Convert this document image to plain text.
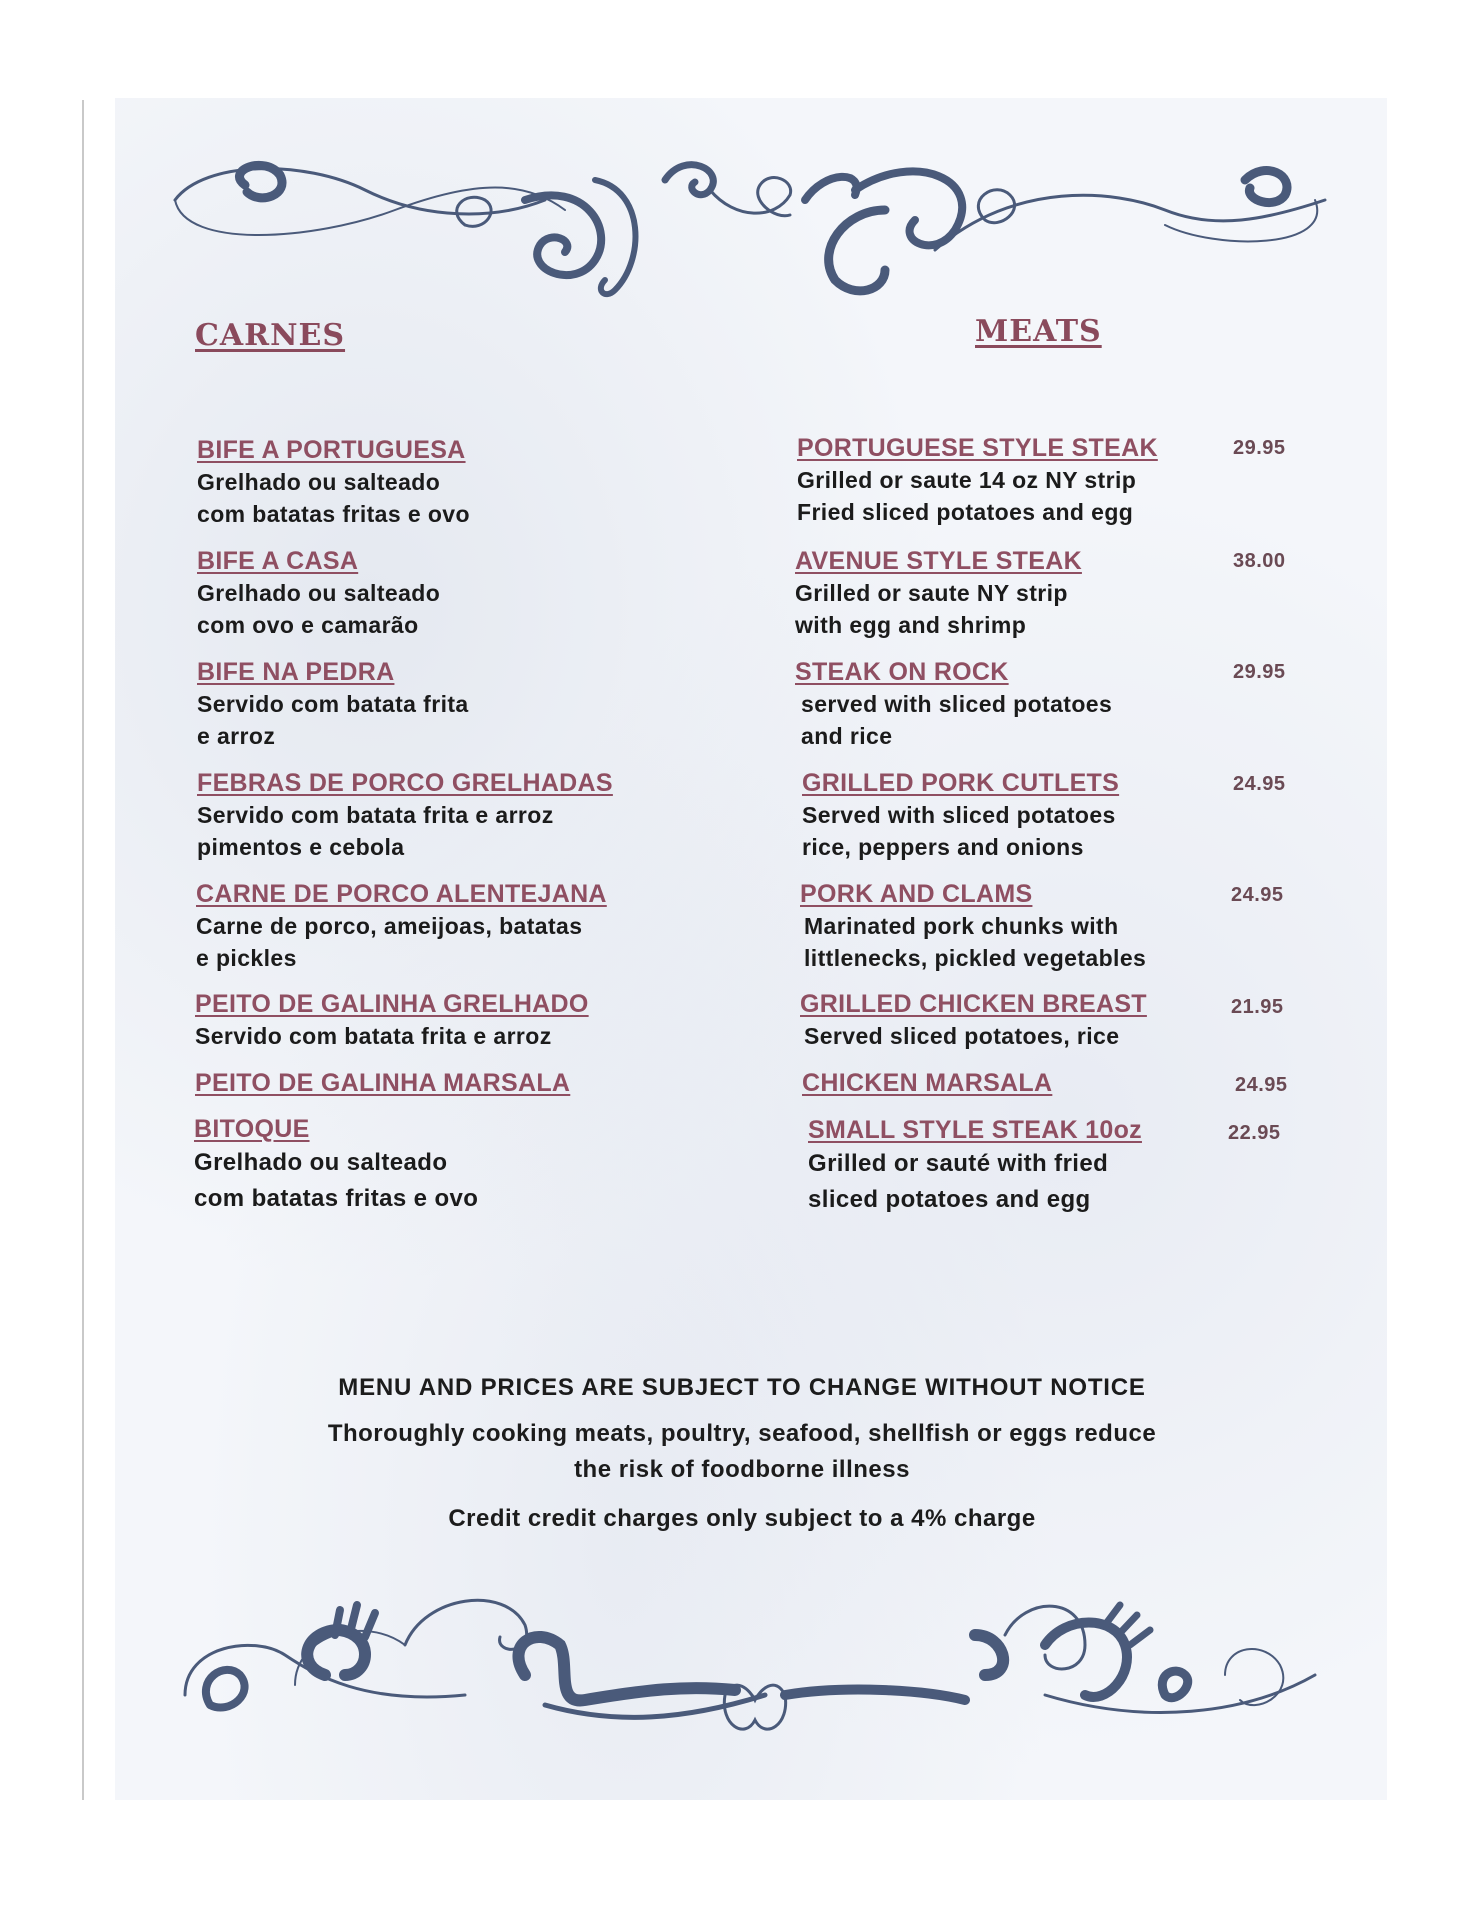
CARNES	MEATS
BIFE A PORTUGUESA
Grelhado ou salteado
com batatas fritas e ovo
BIFE A CASA
Grelhado ou salteado
com ovo e camarão
BIFE NA PEDRA
Servido com batata frita
e arroz
FEBRAS DE PORCO GRELHADAS
Servido com batata frita e arroz
pimentos e cebola
CARNE DE PORCO ALENTEJANA
Carne de porco, ameijoas, batatas
e pickles
PEITO DE GALINHA GRELHADO
Servido com batata frita e arroz
PEITO DE GALINHA MARSALA
BITOQUE
Grelhado ou salteado
com batatas fritas e ovo
PORTUGUESE STYLE STEAK
Grilled or saute 14 oz NY strip
Fried sliced potatoes and egg
29.95
AVENUE STYLE STEAK
Grilled or saute NY strip
with egg and shrimp
38.00
STEAK ON ROCK
served with sliced potatoes
and rice
29.95
GRILLED PORK CUTLETS
Served with sliced potatoes
rice, peppers and onions
24.95
PORK AND CLAMS
Marinated pork chunks with
littlenecks, pickled vegetables
24.95
GRILLED CHICKEN BREAST
Served sliced potatoes, rice
21.95
CHICKEN MARSALA	24.95
SMALL STYLE STEAK 10oz
Grilled or sauté with fried
sliced potatoes and egg
22.95
MENU AND PRICES ARE SUBJECT TO CHANGE WITHOUT NOTICE
Thoroughly cooking meats, poultry, seafood, shellfish or eggs reduce
the risk of foodborne illness
Credit credit charges only subject to a 4% charge
